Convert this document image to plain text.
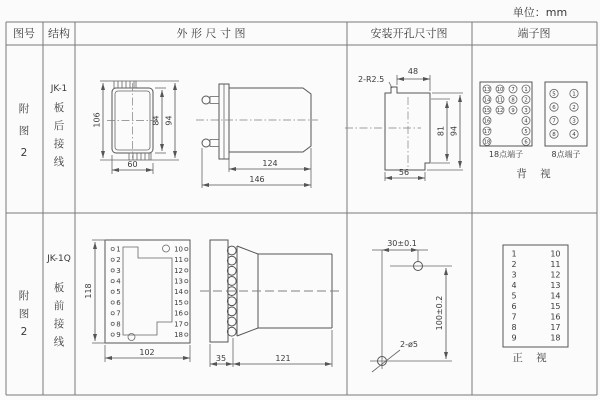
单位：mm
图号 结构	外 形 尺 寸 图	安装开孔尺寸图	端子图
附
图
2
JK-1
板
后
接
线
106	84 94
60	124
146
2-R2.5
48
81 94
56
13 10 7 1
14 11 8 2
15 12 9 3
16	4
17	5
18	6
18点端子
5	1
6	2
7	3
8	4
8点端子
背 视
附
图
2
JK-1Q
板
前
接
线
1
2
3
4
5
6
7
8
9
10
11
12
13
14
15
16
17
18
118
102
35	121
30±0.1
100±0.2
2-ø5
1
2
3
4
5
6
7
8
9
10
11
12
13
14
15
16
17
18
正 视
